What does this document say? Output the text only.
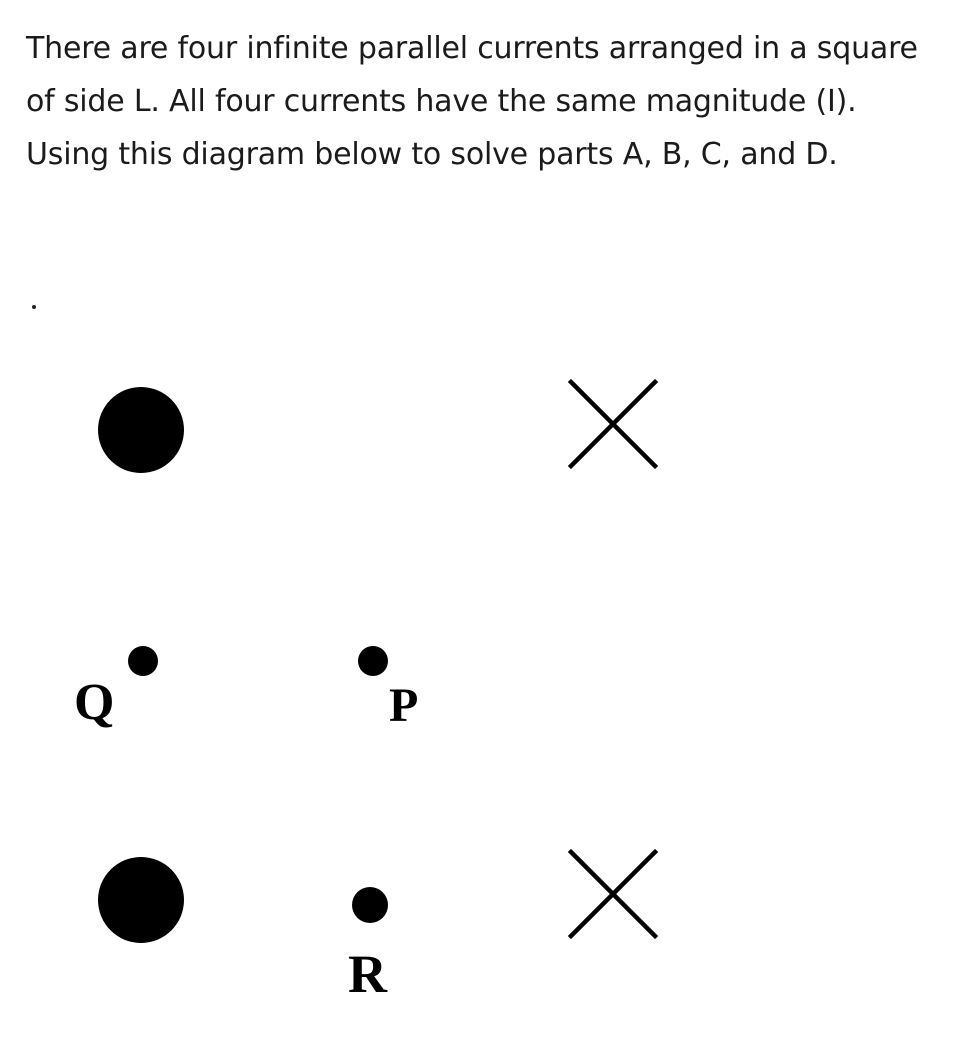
There are four infinite parallel currents arranged in a square of side L. All four currents have the same magnitude (I). Using this diagram below to solve parts A, B, C, and D.

Q	P
R
